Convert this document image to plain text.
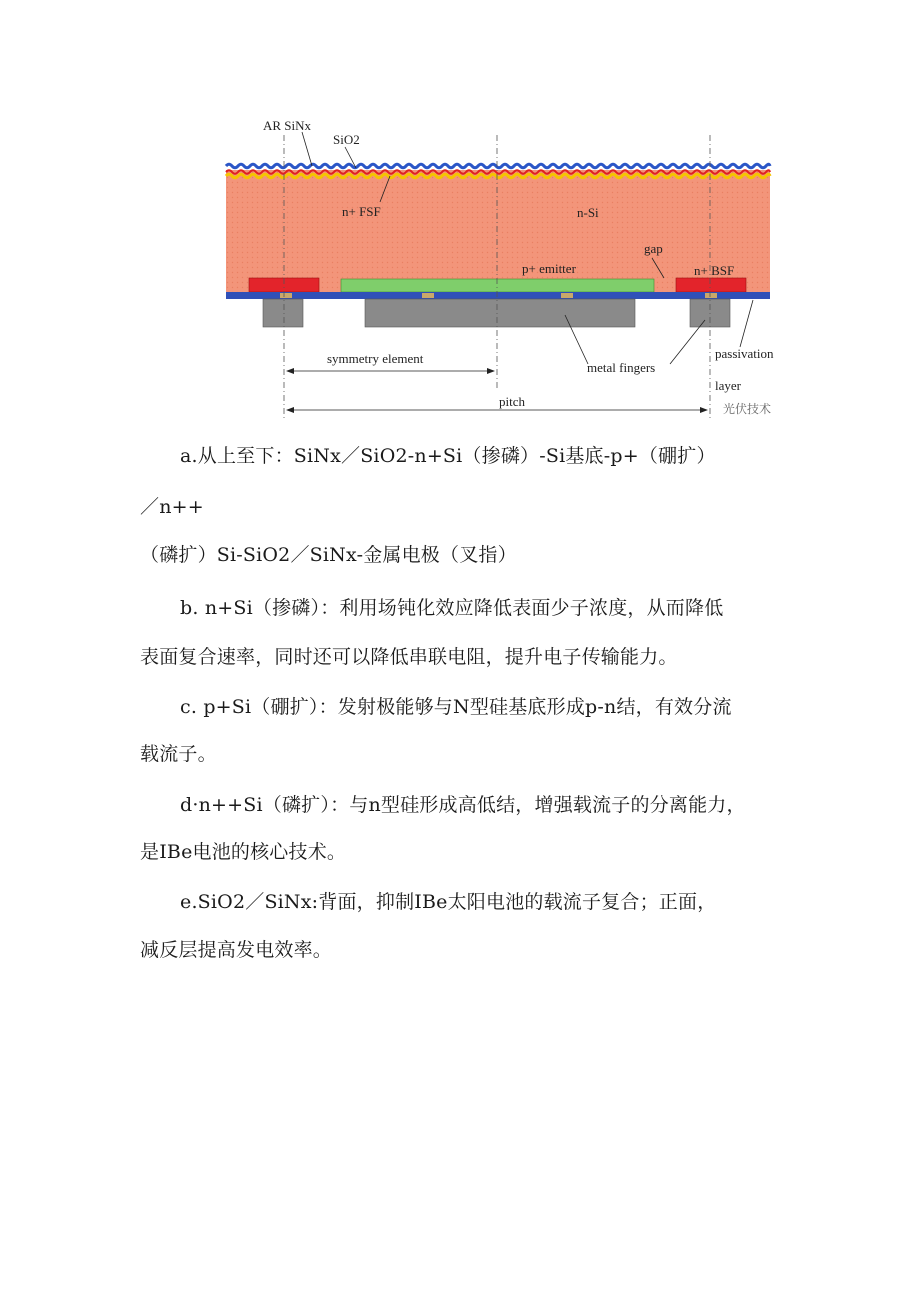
AR SiNx
SiO2
n+ FSF	n-Si
gap
p+ emitter	n+ BSF
symmetry element
metal fingers
passivation
layer
pitch	光伏技术
a.从上至下：SiNx／SiO2-n+Si（掺磷）-Si基底-p+（硼扩）
／n++
（磷扩）Si-SiO2／SiNx-金属电极（叉指）
b. n+Si（掺磷）：利用场钝化效应降低表面少子浓度，从而降低
表面复合速率，同时还可以降低串联电阻，提升电子传输能力。
c. p+Si（硼扩）：发射极能够与N型硅基底形成p-n结，有效分流
载流子。
d·n++Si（磷扩）：与n型硅形成高低结，增强载流子的分离能力，
是IBe电池的核心技术。
e.SiO2／SiNx:背面，抑制IBe太阳电池的载流子复合；正面，
减反层提高发电效率。
